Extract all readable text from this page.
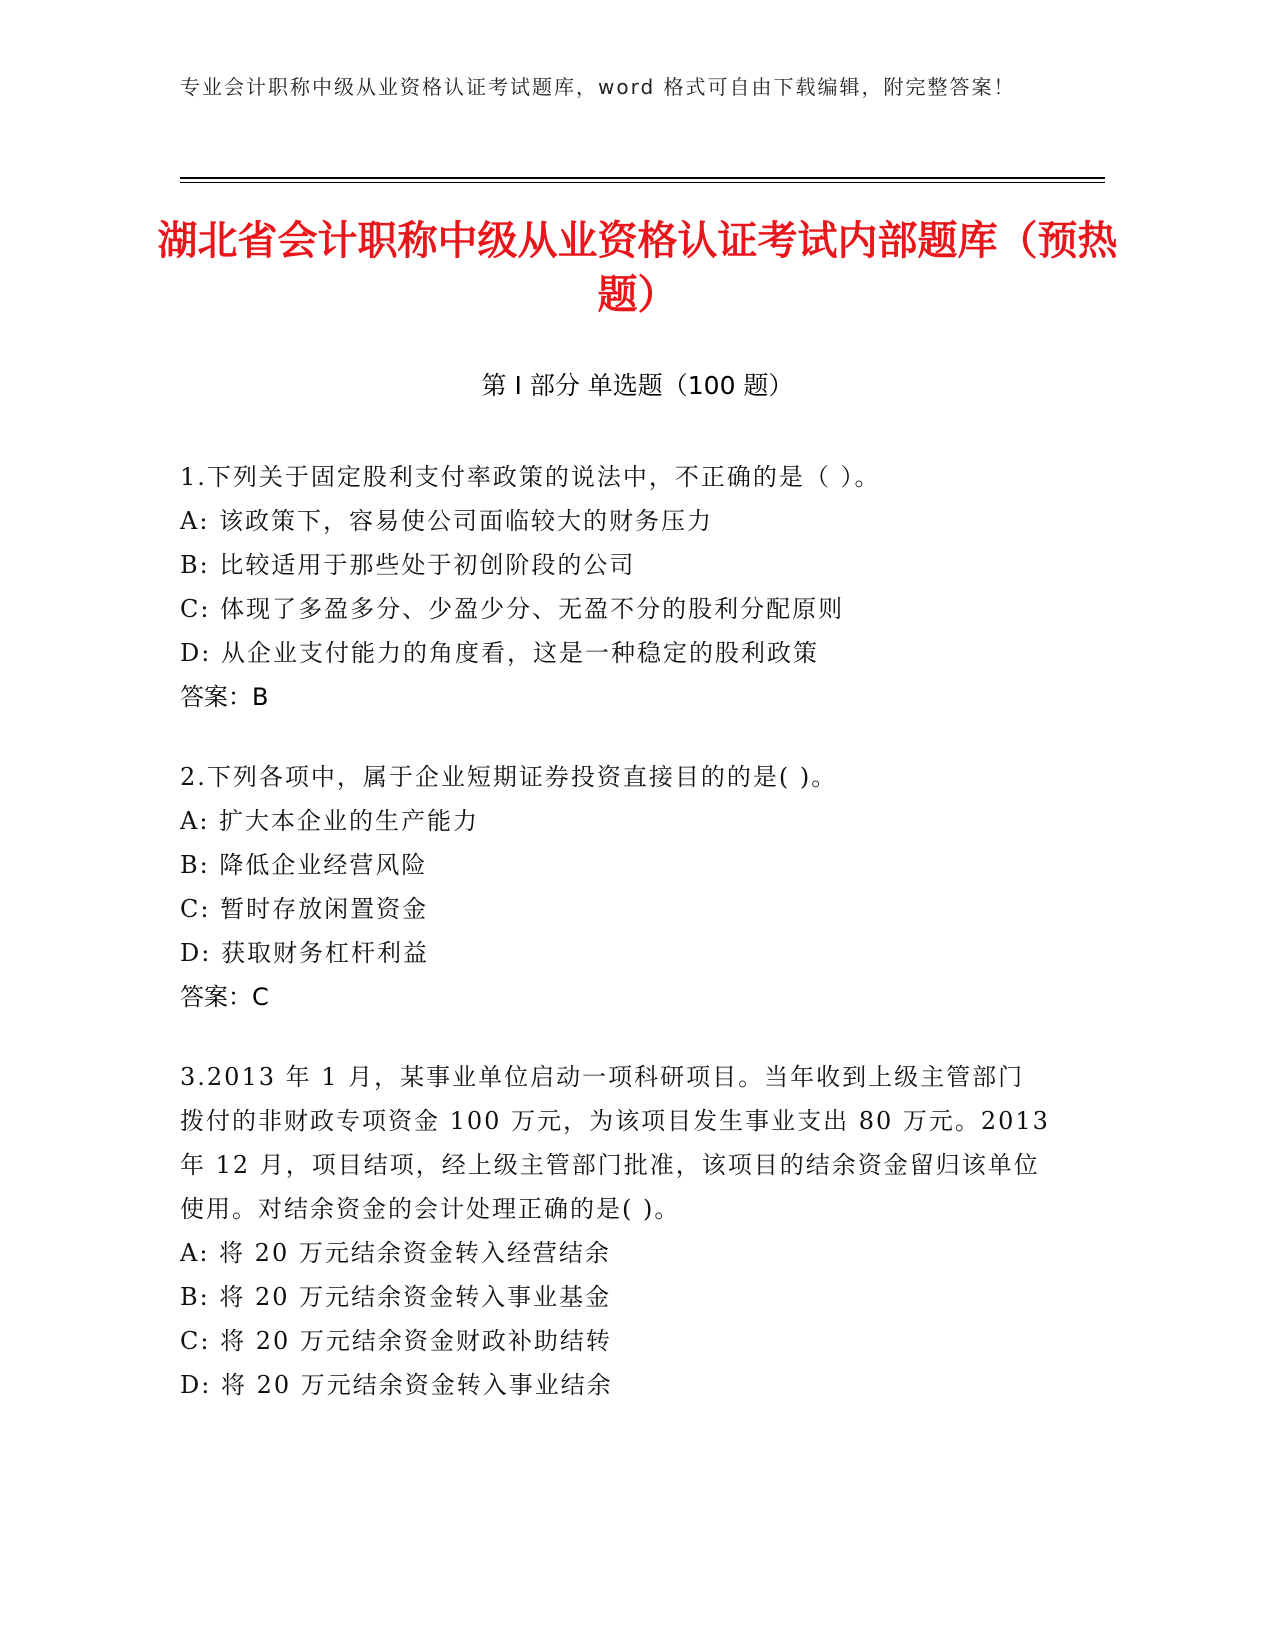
专业会计职称中级从业资格认证考试题库，word 格式可自由下载编辑，附完整答案！
湖北省会计职称中级从业资格认证考试内部题库（预热题）
第 I 部分 单选题（100 题）
1.下列关于固定股利支付率政策的说法中，不正确的是（ ）。
A: 该政策下，容易使公司面临较大的财务压力
B: 比较适用于那些处于初创阶段的公司
C: 体现了多盈多分、少盈少分、无盈不分的股利分配原则
D: 从企业支付能力的角度看，这是一种稳定的股利政策
答案：B
2.下列各项中，属于企业短期证券投资直接目的的是( )。
A: 扩大本企业的生产能力
B: 降低企业经营风险
C: 暂时存放闲置资金
D: 获取财务杠杆利益
答案：C
3.2013 年 1 月，某事业单位启动一项科研项目。当年收到上级主管部门拨付的非财政专项资金 100 万元，为该项目发生事业支出 80 万元。2013 年 12 月，项目结项，经上级主管部门批准，该项目的结余资金留归该单位使用。对结余资金的会计处理正确的是( )。
A: 将 20 万元结余资金转入经营结余
B: 将 20 万元结余资金转入事业基金
C: 将 20 万元结余资金财政补助结转
D: 将 20 万元结余资金转入事业结余
